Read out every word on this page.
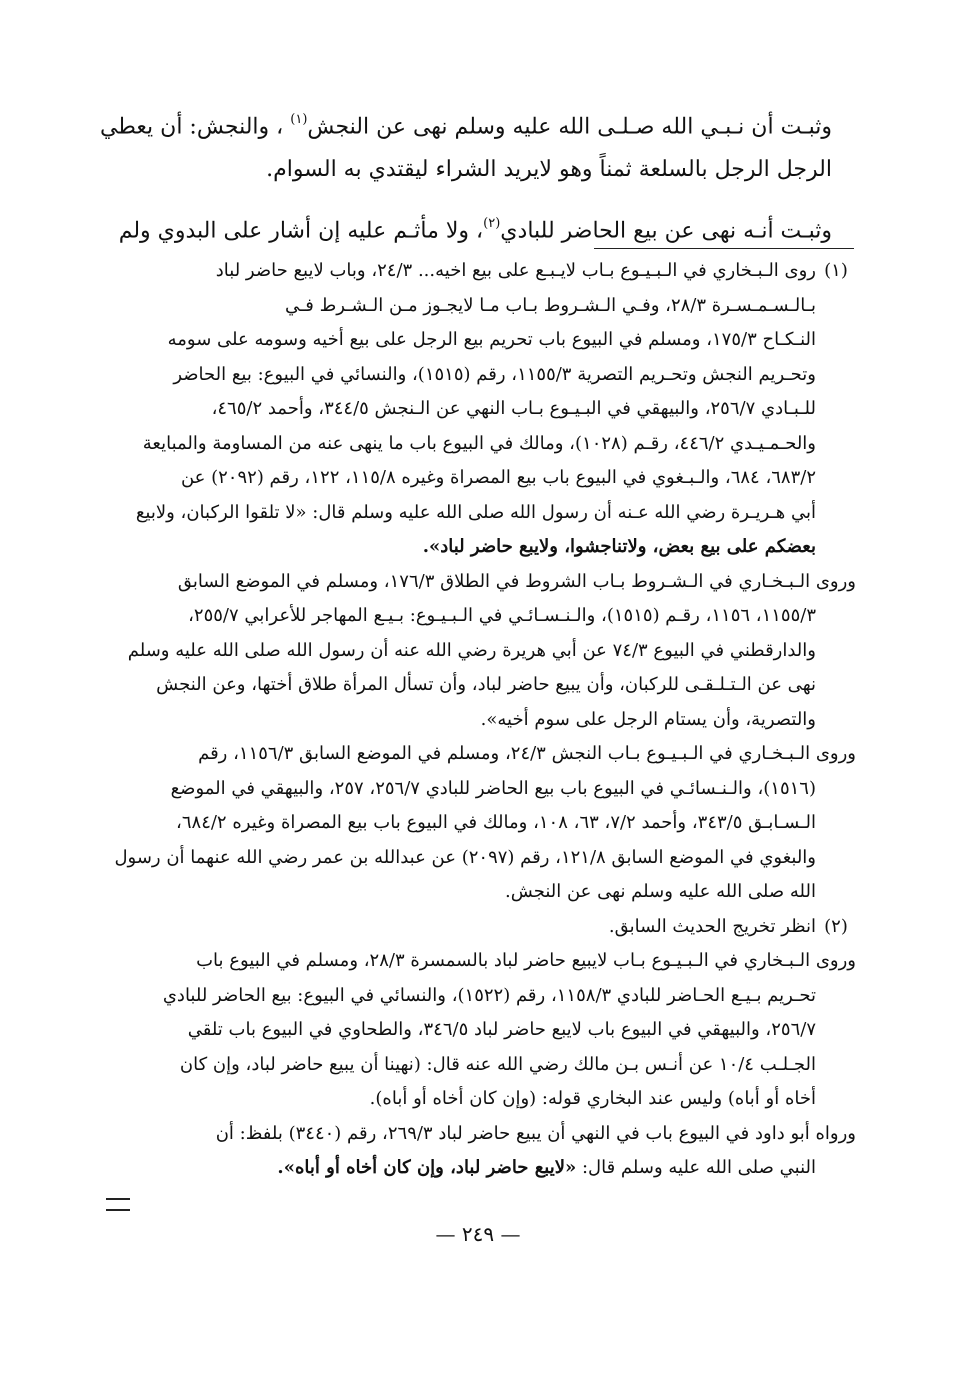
وثبـت أن نـبـي الله صـلـى الله عليه وسلم نهى عن النجش$^{(١)}$ ، والنجش: أن يعطي
الرجل الرجل بالسلعة ثمناً وهو لايريد الشراء ليقتدي به السوام.
وثبـت أنـه نهى عن بيع الحاضر للبادي$^{(٢)}$، ولا مأثـم عليه إن أشار على البدوي ولم
(١)
روى الـبـخاري في الـبـيـوع بـاب لايـبـع على بيع اخيه... ٢٤/٣، وباب لايبع حاضر لباد
بـالـسـمـسـرة ٢٨/٣، وفـي الـشـروط بـاب مـا لايجـوز مـن الـشـرط فـي
النـكـاح ١٧٥/٣، ومسلم في البيوع باب تحريم بيع الرجل على بيع أخيه وسومه على سومه
وتحـريم النجش وتحـريم التصرية ١١٥٥/٣، رقم (١٥١٥)، والنسائي في البيوع: بيع الحاضر
للـبـادي ٢٥٦/٧، والبيهقي في البـيـوع بـاب النهي عن الـنجش ٣٤٤/٥، وأحمد ٤٦٥/٢،
والحـمـيـدي ٤٤٦/٢، رقـم (١٠٢٨)، ومالك في البيوع باب ما ينهى عنه من المساومة والمبايعة
٦٨٣/٢، ٦٨٤، والـبـغوي في البيوع باب بيع المصراة وغيره ١١٥/٨، ١٢٢، رقم (٢٠٩٢) عن
أبي هـريـرة رضي الله عـنه أن رسول الله صلى الله عليه وسلم قال: «لا تلقوا الركبان، ولابيع
بعضكم على بيع بعض، ولاتناجشوا، ولايبع حاضر لباد».
وروى الـبـخـاري في الـشـروط بـاب الشروط في الطلاق ١٧٦/٣، ومسلم في الموضع السابق
١١٥٥/٣، ١١٥٦، رقـم (١٥١٥)، والـنـسـائـي في الـبـيـوع: بـيـع المهاجر للأعرابي ٢٥٥/٧،
والدارقطني في البيوع ٧٤/٣ عن أبي هريرة رضي الله عنه أن رسول الله صلى الله عليه وسلم
نهى عن الـتـلـقـى للركبان، وأن يبيع حاضر لباد، وأن تسأل المرأة طلاق أختها، وعن النجش
والتصرية، وأن يستام الرجل على سوم أخيه».
وروى الـبـخـاري في الـبـيـوع بـاب النجش ٢٤/٣، ومسلم في الموضع السابق ١١٥٦/٣، رقم
(١٥١٦)، والـنـسائـي في البيوع باب بيع الحاضر للبادي ٢٥٦/٧، ٢٥٧، والبيهقي في الموضع
الـسـابـق ٣٤٣/٥، وأحمد ٧/٢، ٦٣، ١٠٨، ومالك في البيوع باب بيع المصراة وغيره ٦٨٤/٢،
والبغوي في الموضع السابق ١٢١/٨، رقم (٢٠٩٧) عن عبدالله بن عمر رضي الله عنهما أن رسول
الله صلى الله عليه وسلم نهى عن النجش.
(٢)
انظر تخريج الحديث السابق.
وروى الـبـخاري في الـبـيـوع بـاب لايبيع حاضر لباد بالسمسرة ٢٨/٣، ومسلم في البيوع باب
تحـريم بـيـع الحـاضر للبادي ١١٥٨/٣، رقم (١٥٢٢)، والنسائي في البيوع: بيع الحاضر للبادي
٢٥٦/٧، والبيهقي في البيوع باب لايبع حاضر لباد ٣٤٦/٥، والطحاوي في البيوع باب تلقي
الجـلـب ١٠/٤ عن أنـس بـن مالك رضي الله عنه قال: (نهينا أن يبيع حاضر لباد، وإن كان
أخاه أو أباه) وليس عند البخاري قوله: (وإن كان أخاه أو أباه).
ورواه أبو داود في البيوع باب في النهي أن يبيع حاضر لباد ٢٦٩/٣، رقم (٣٤٤٠) بلفظ: أن
النبي صلى الله عليه وسلم قال: «لايبع حاضر لباد، وإن كان أخاه أو أباه».
— ٢٤٩ —
